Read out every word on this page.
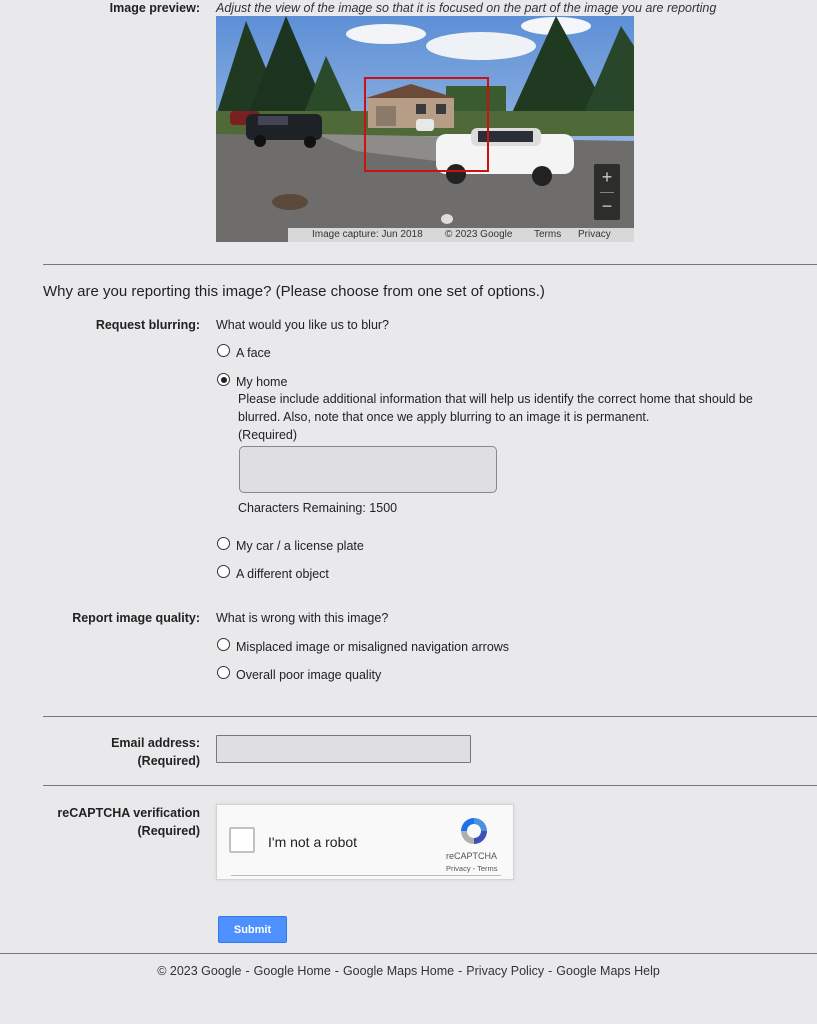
Image preview: Adjust the view of the image so that it is focused on the part of the image you are reporting
+
−
Image capture: Jun 2018 © 2023 Google Terms Privacy
Why are you reporting this image? (Please choose from one set of options.)
Request blurring: What would you like us to blur?
A face
My home
Please include additional information that will help us identify the correct home that should be
blurred. Also, note that once we apply blurring to an image it is permanent.
(Required)
Characters Remaining: 1500
My car / a license plate
A different object
Report image quality: What is wrong with this image?
Misplaced image or misaligned navigation arrows
Overall poor image quality
Email address:
(Required)
reCAPTCHA verification
(Required)
I'm not a robot
reCAPTCHA
Privacy - Terms
Submit
© 2023 Google - Google Home - Google Maps Home - Privacy Policy - Google Maps Help
